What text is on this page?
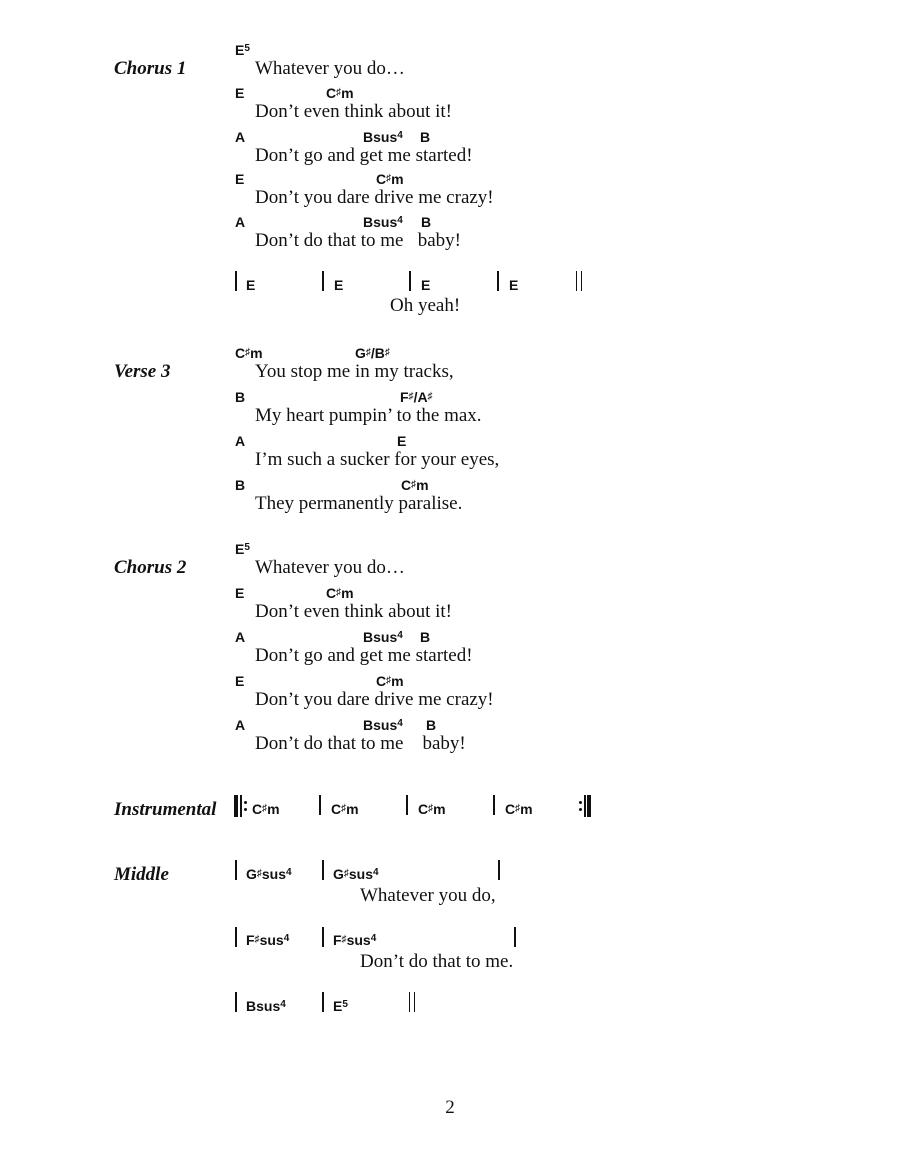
Chorus 1
$E^5$
Whatever you do…
E	C♯m
Don’t even think about it!
A	Bsus$^4$ B
Don’t go and get me started!
E	C♯m
Don’t you dare drive me crazy!
A	Bsus$^4$ B
Don’t do that to me   baby!
E	E	E	E
Oh yeah!
Verse 3
C♯m	G♯/B♯
You stop me in my tracks,
B	F♯/A♯
My heart pumpin’ to the max.
A	E
I’m such a sucker for your eyes,
B	C♯m
They permanently paralise.
Chorus 2
$E^5$
Whatever you do…
E	C♯m
Don’t even think about it!
A	Bsus$^4$ B
Don’t go and get me started!
E	C♯m
Don’t you dare drive me crazy!
A	Bsus$^4$ B
Don’t do that to me    baby!
Instrumental	C♯m	C♯m	C♯m	C♯m
Middle	G♯sus$^4$	G♯sus$^4$
Whatever you do,
F♯sus$^4$	F♯sus$^4$
Don’t do that to me.
Bsus$^4$	$E^5$
2
